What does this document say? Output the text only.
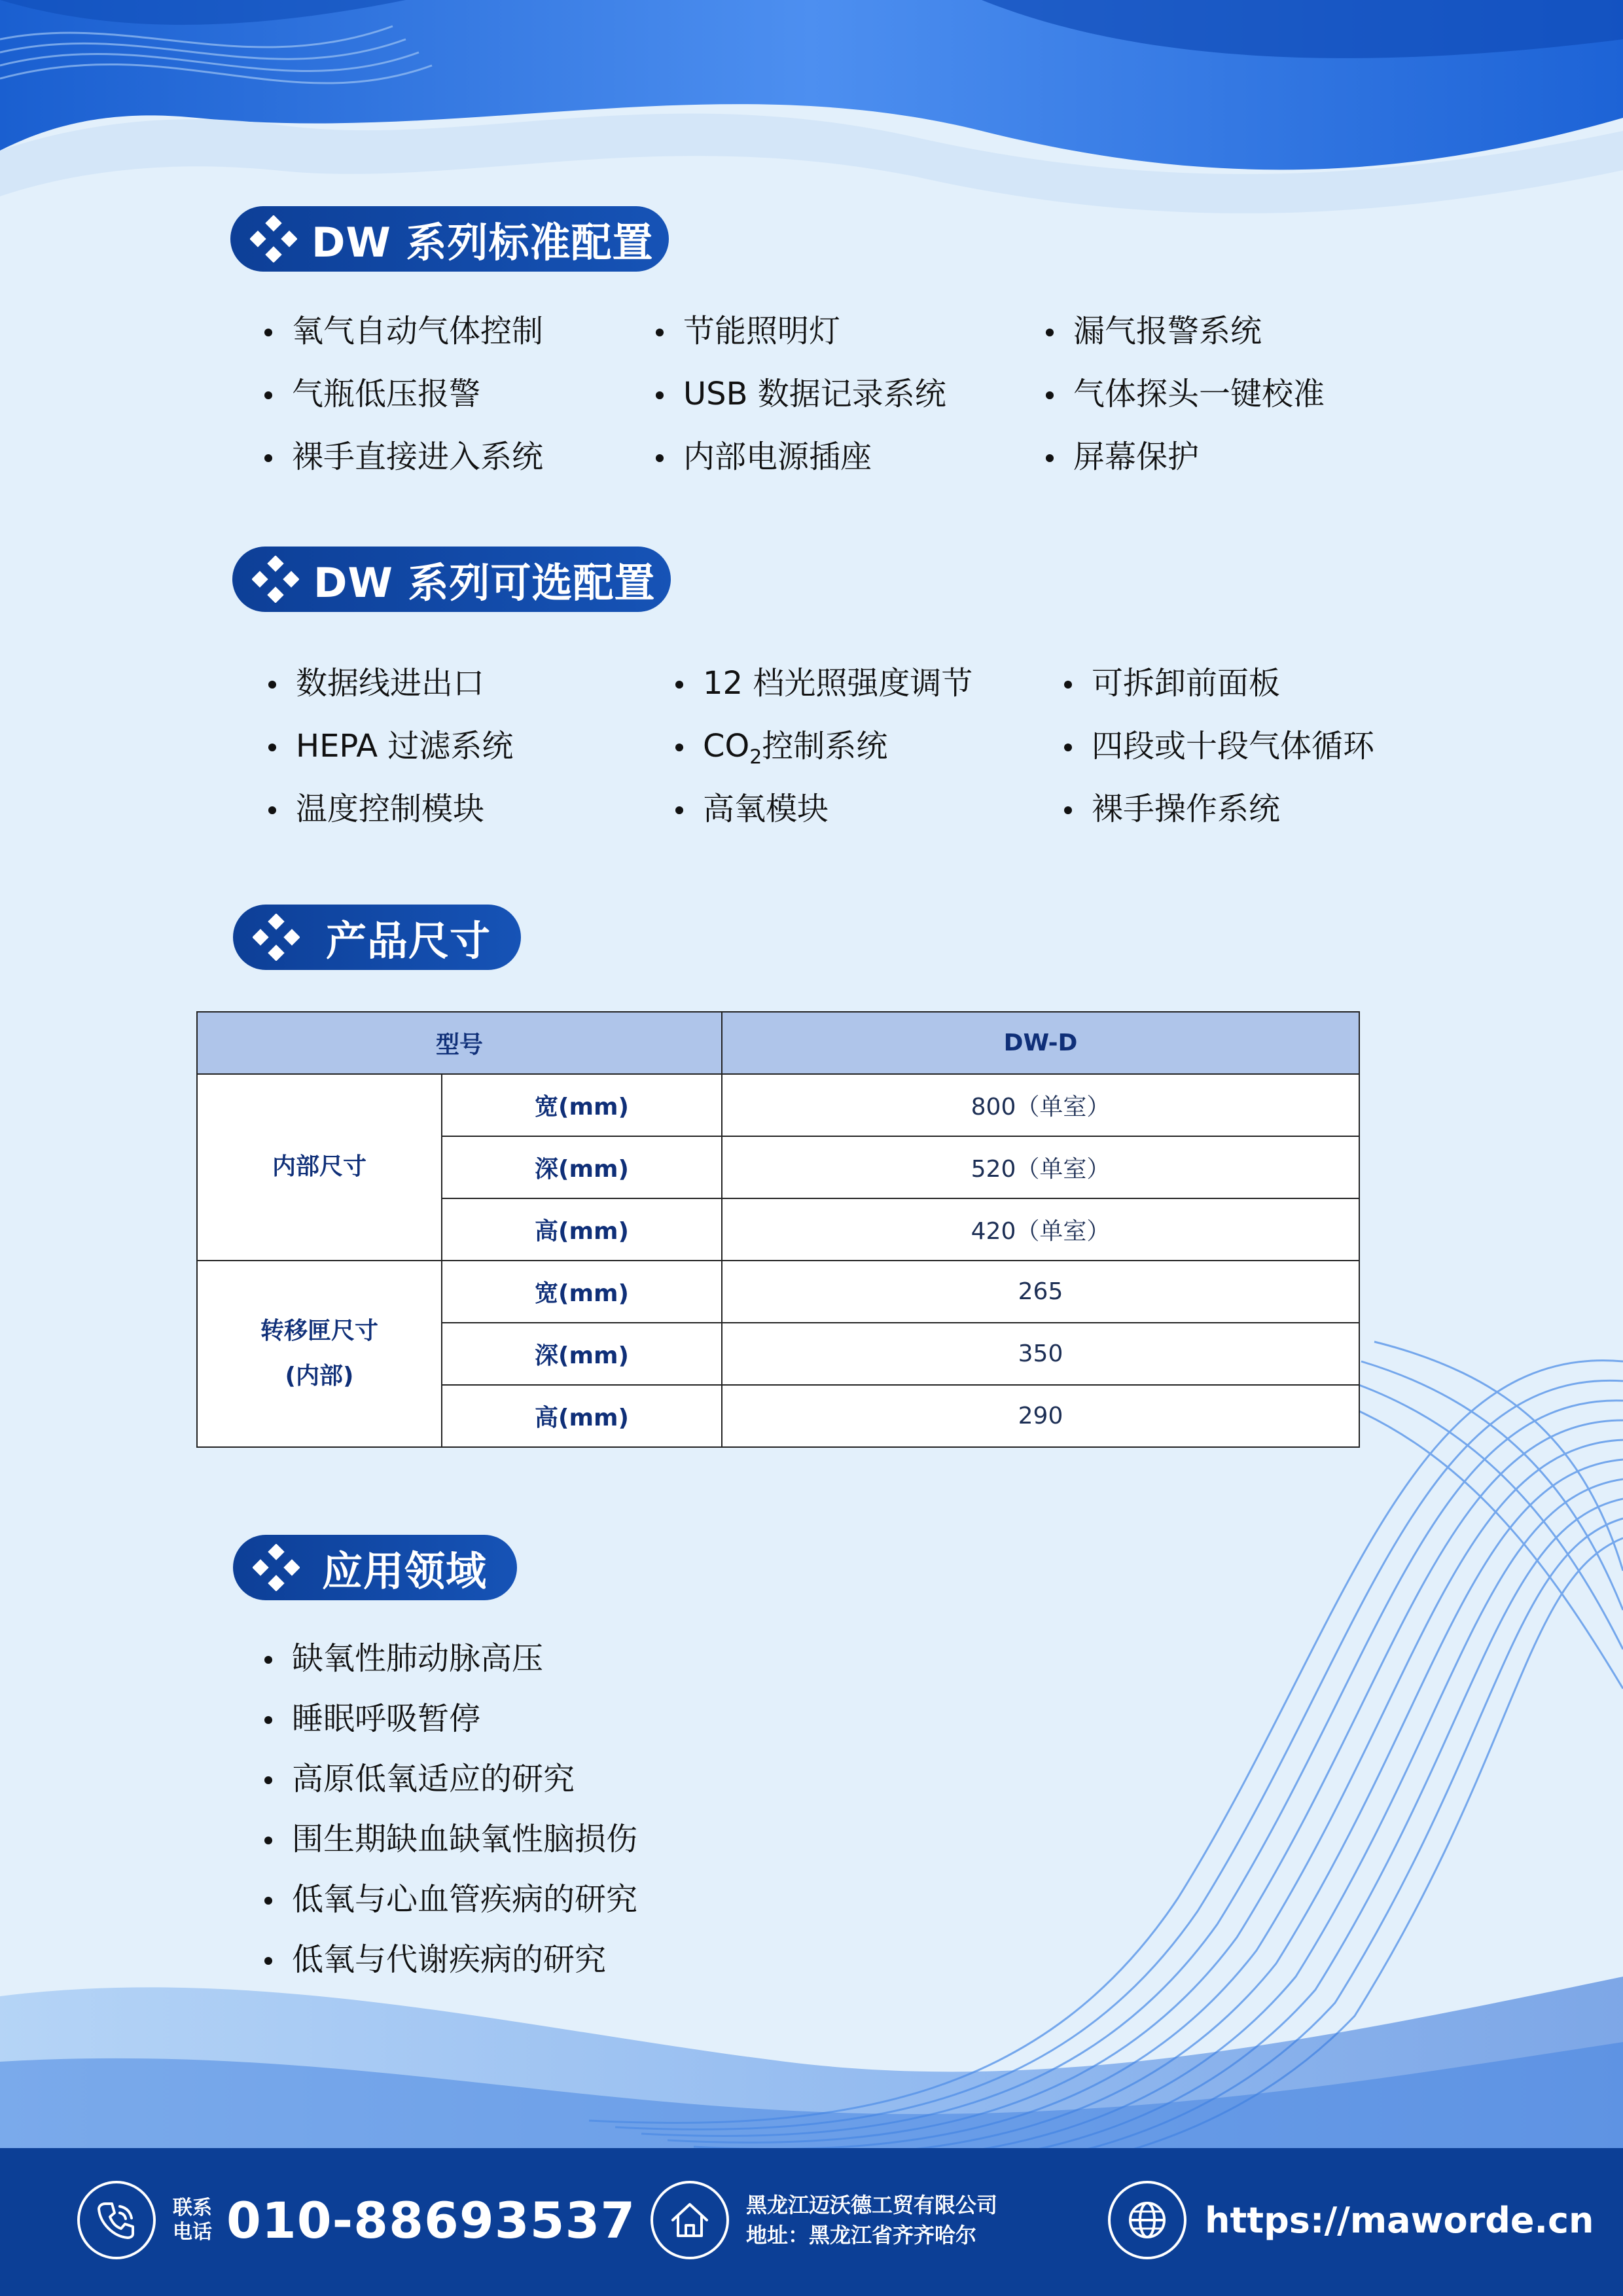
DW 系列标准配置
氧气自动气体控制	节能照明灯	漏气报警系统
气瓶低压报警	USB 数据记录系统	气体探头一键校准
裸手直接进入系统	内部电源插座	屏幕保护
DW 系列可选配置
数据线进出口	12 档光照强度调节	可拆卸前面板
HEPA 过滤系统	$CO_2$控制系统	四段或十段气体循环
温度控制模块	高氧模块	裸手操作系统
产品尺寸
型号		DW-D
内部尺寸	宽(mm)	800（单室）
	深(mm)	520（单室）
	高(mm)	420（单室）

转移匣尺寸
(内部)	宽(mm)	265
	深(mm)	350
	高(mm)	290
应用领域
缺氧性肺动脉高压
睡眠呼吸暂停
高原低氧适应的研究
围生期缺血缺氧性脑损伤
低氧与心血管疾病的研究
低氧与代谢疾病的研究
联系
电话 010-88693537	黑龙江迈沃德工贸有限公司
地址：黑龙江省齐齐哈尔	https://maworde.cn
